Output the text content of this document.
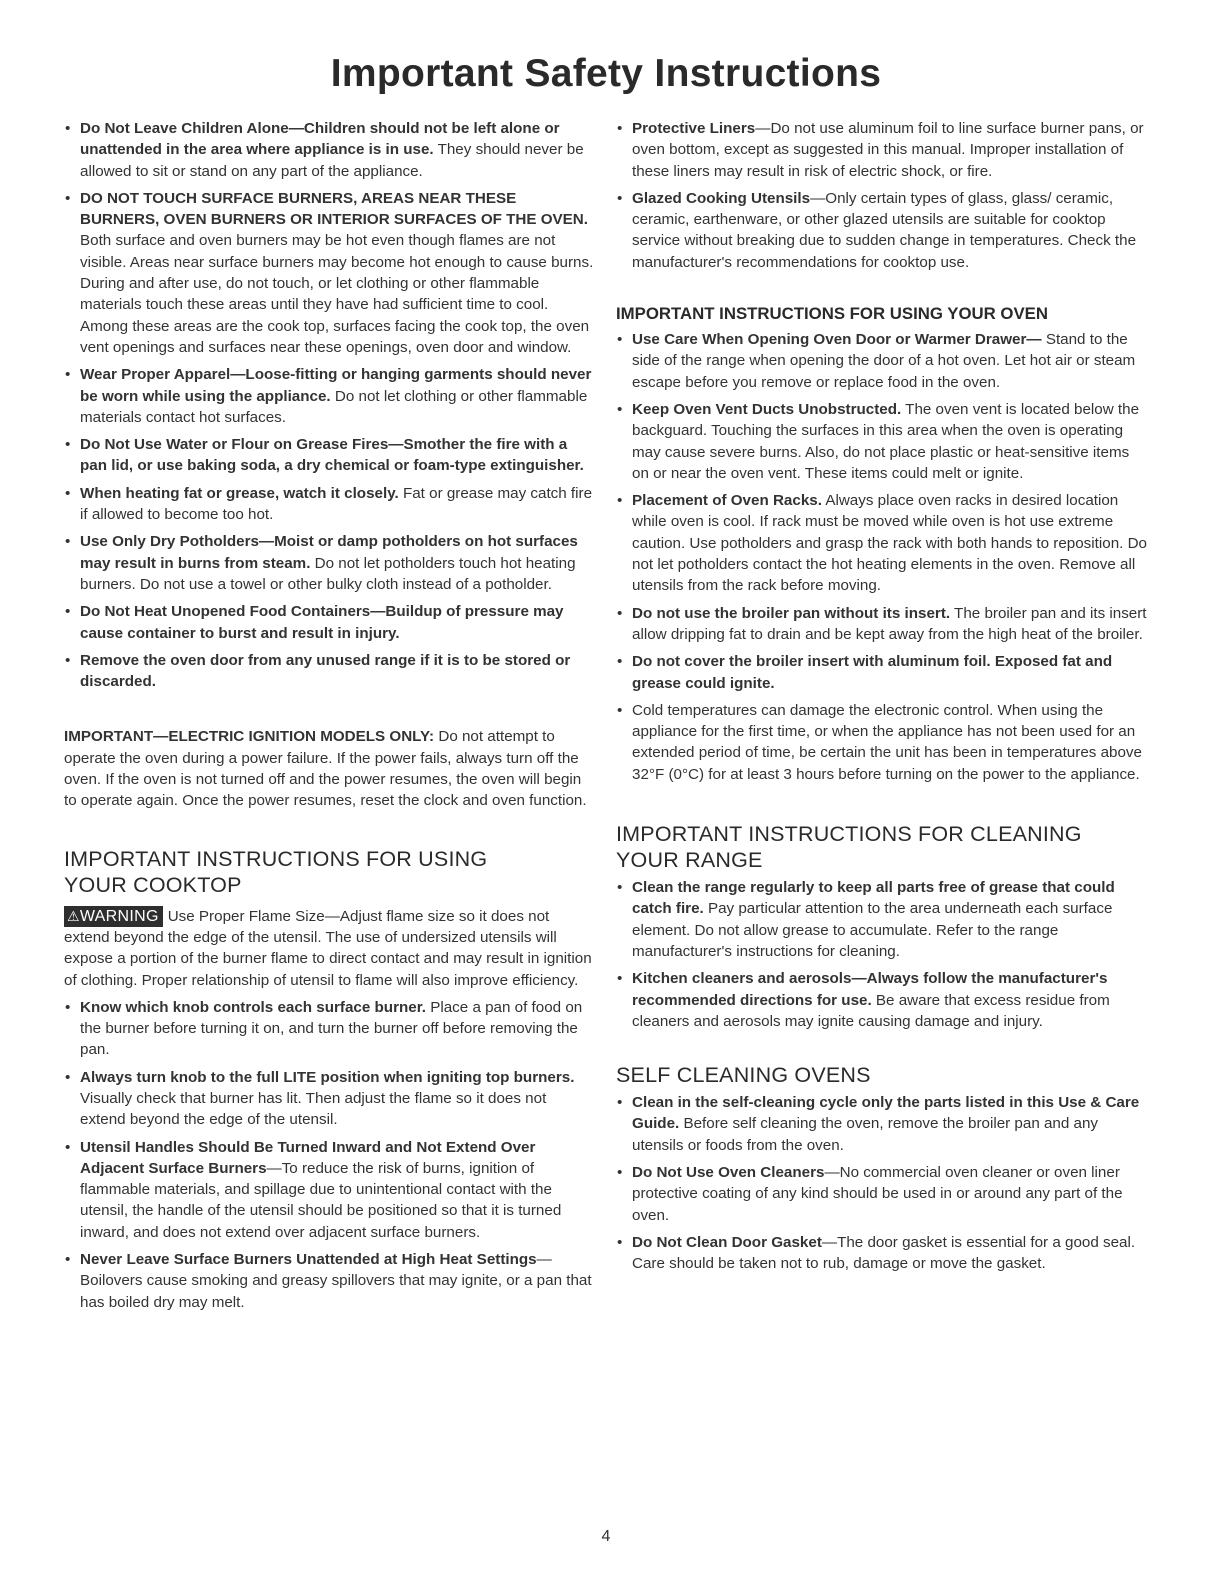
Important Safety Instructions

• Do Not Leave Children Alone—Children should not be left alone or unattended in the area where appliance is in use. They should never be allowed to sit or stand on any part of the appliance.

• DO NOT TOUCH SURFACE BURNERS, AREAS NEAR THESE BURNERS, OVEN BURNERS OR INTERIOR SURFACES OF THE OVEN. Both surface and oven burners may be hot even though flames are not visible. Areas near surface burners may become hot enough to cause burns. During and after use, do not touch, or let clothing or other flammable materials touch these areas until they have had sufficient time to cool. Among these areas are the cook top, surfaces facing the cook top, the oven vent openings and surfaces near these openings, oven door and window.

• Wear Proper Apparel—Loose-fitting or hanging garments should never be worn while using the appliance. Do not let clothing or other flammable materials contact hot surfaces.

• Do Not Use Water or Flour on Grease Fires—Smother the fire with a pan lid, or use baking soda, a dry chemical or foam-type extinguisher.

• When heating fat or grease, watch it closely. Fat or grease may catch fire if allowed to become too hot.

• Use Only Dry Potholders—Moist or damp potholders on hot surfaces may result in burns from steam. Do not let potholders touch hot heating burners. Do not use a towel or other bulky cloth instead of a potholder.

• Do Not Heat Unopened Food Containers—Buildup of pressure may cause container to burst and result in injury.

• Remove the oven door from any unused range if it is to be stored or discarded.

IMPORTANT—ELECTRIC IGNITION MODELS ONLY: Do not attempt to operate the oven during a power failure. If the power fails, always turn off the oven. If the oven is not turned off and the power resumes, the oven will begin to operate again. Once the power resumes, reset the clock and oven function.

IMPORTANT INSTRUCTIONS FOR USING
YOUR COOKTOP

⚠WARNING Use Proper Flame Size—Adjust flame size so it does not extend beyond the edge of the utensil. The use of undersized utensils will expose a portion of the burner flame to direct contact and may result in ignition of clothing. Proper relationship of utensil to flame will also improve efficiency.

• Know which knob controls each surface burner. Place a pan of food on the burner before turning it on, and turn the burner off before removing the pan.

• Always turn knob to the full LITE position when igniting top burners. Visually check that burner has lit. Then adjust the flame so it does not extend beyond the edge of the utensil.

• Utensil Handles Should Be Turned Inward and Not Extend Over Adjacent Surface Burners—To reduce the risk of burns, ignition of flammable materials, and spillage due to unintentional contact with the utensil, the handle of the utensil should be positioned so that it is turned inward, and does not extend over adjacent surface burners.

• Never Leave Surface Burners Unattended at High Heat Settings—Boilovers cause smoking and greasy spillovers that may ignite, or a pan that has boiled dry may melt.

• Protective Liners—Do not use aluminum foil to line surface burner pans, or oven bottom, except as suggested in this manual. Improper installation of these liners may result in risk of electric shock, or fire.

• Glazed Cooking Utensils—Only certain types of glass, glass/ ceramic, ceramic, earthenware, or other glazed utensils are suitable for cooktop service without breaking due to sudden change in temperatures. Check the manufacturer's recommendations for cooktop use.

IMPORTANT INSTRUCTIONS FOR USING YOUR OVEN

• Use Care When Opening Oven Door or Warmer Drawer— Stand to the side of the range when opening the door of a hot oven. Let hot air or steam escape before you remove or replace food in the oven.

• Keep Oven Vent Ducts Unobstructed. The oven vent is located below the backguard. Touching the surfaces in this area when the oven is operating may cause severe burns. Also, do not place plastic or heat-sensitive items on or near the oven vent. These items could melt or ignite.

• Placement of Oven Racks. Always place oven racks in desired location while oven is cool. If rack must be moved while oven is hot use extreme caution. Use potholders and grasp the rack with both hands to reposition. Do not let potholders contact the hot heating elements in the oven. Remove all utensils from the rack before moving.

• Do not use the broiler pan without its insert. The broiler pan and its insert allow dripping fat to drain and be kept away from the high heat of the broiler.

• Do not cover the broiler insert with aluminum foil. Exposed fat and grease could ignite.

• Cold temperatures can damage the electronic control. When using the appliance for the first time, or when the appliance has not been used for an extended period of time, be certain the unit has been in temperatures above 32°F (0°C) for at least 3 hours before turning on the power to the appliance.

IMPORTANT INSTRUCTIONS FOR CLEANING
YOUR RANGE

• Clean the range regularly to keep all parts free of grease that could catch fire. Pay particular attention to the area underneath each surface element. Do not allow grease to accumulate. Refer to the range manufacturer's instructions for cleaning.

• Kitchen cleaners and aerosols—Always follow the manufacturer's recommended directions for use. Be aware that excess residue from cleaners and aerosols may ignite causing damage and injury.

SELF CLEANING OVENS

• Clean in the self-cleaning cycle only the parts listed in this Use & Care Guide. Before self cleaning the oven, remove the broiler pan and any utensils or foods from the oven.

• Do Not Use Oven Cleaners—No commercial oven cleaner or oven liner protective coating of any kind should be used in or around any part of the oven.

• Do Not Clean Door Gasket—The door gasket is essential for a good seal. Care should be taken not to rub, damage or move the gasket.

4
